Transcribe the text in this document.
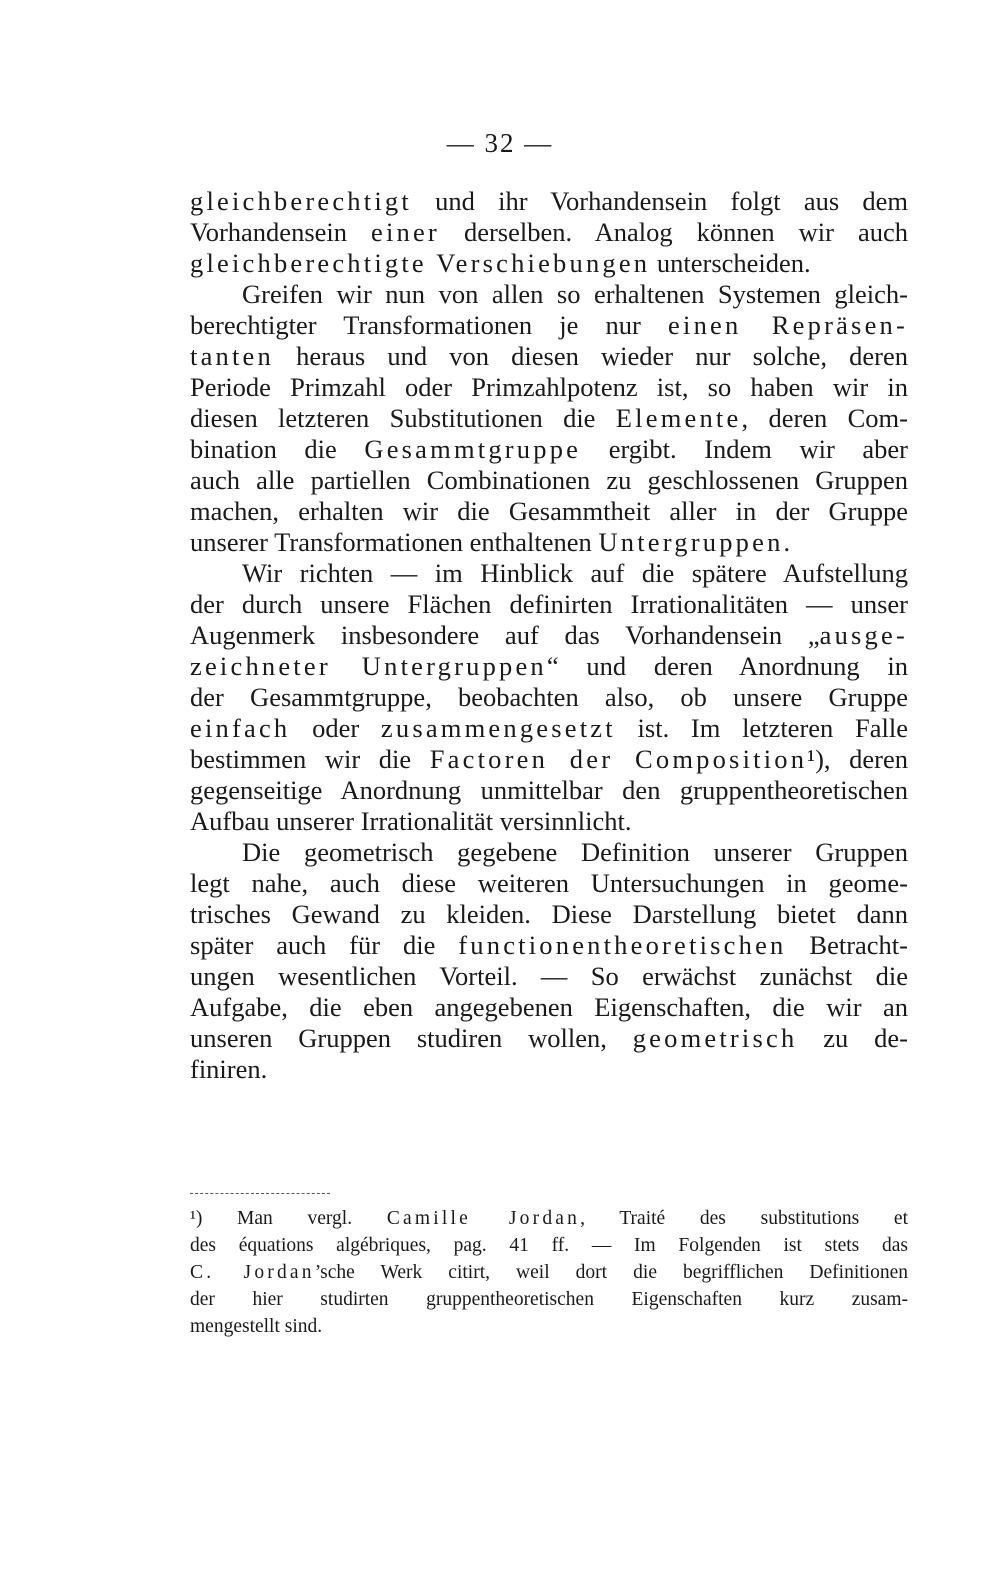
— 32 —
gleichberechtigt und ihr Vorhandensein folgt aus dem
Vorhandensein einer derselben. Analog können wir auch
gleichberechtigte Verschiebungen unterscheiden.
Greifen wir nun von allen so erhaltenen Systemen gleich-
berechtigter Transformationen je nur einen Repräsen-
tanten heraus und von diesen wieder nur solche, deren
Periode Primzahl oder Primzahlpotenz ist, so haben wir in
diesen letzteren Substitutionen die Elemente, deren Com-
bination die Gesammtgruppe ergibt. Indem wir aber
auch alle partiellen Combinationen zu geschlossenen Gruppen
machen, erhalten wir die Gesammtheit aller in der Gruppe
unserer Transformationen enthaltenen Untergruppen.
Wir richten — im Hinblick auf die spätere Aufstellung
der durch unsere Flächen definirten Irrationalitäten — unser
Augenmerk insbesondere auf das Vorhandensein „ausge-
zeichneter Untergruppen“ und deren Anordnung in
der Gesammtgruppe, beobachten also, ob unsere Gruppe
einfach oder zusammengesetzt ist. Im letzteren Falle
bestimmen wir die Factoren der Composition¹), deren
gegenseitige Anordnung unmittelbar den gruppentheoretischen
Aufbau unserer Irrationalität versinnlicht.
Die geometrisch gegebene Definition unserer Gruppen
legt nahe, auch diese weiteren Untersuchungen in geome-
trisches Gewand zu kleiden. Diese Darstellung bietet dann
später auch für die functionentheoretischen Betracht-
ungen wesentlichen Vorteil. — So erwächst zunächst die
Aufgabe, die eben angegebenen Eigenschaften, die wir an
unseren Gruppen studiren wollen, geometrisch zu de-
finiren.
¹) Man vergl. Camille Jordan, Traité des substitutions et
des équations algébriques, pag. 41 ff. — Im Folgenden ist stets das
C. Jordan’sche Werk citirt, weil dort die begrifflichen Definitionen
der hier studirten gruppentheoretischen Eigenschaften kurz zusam-
mengestellt sind.
